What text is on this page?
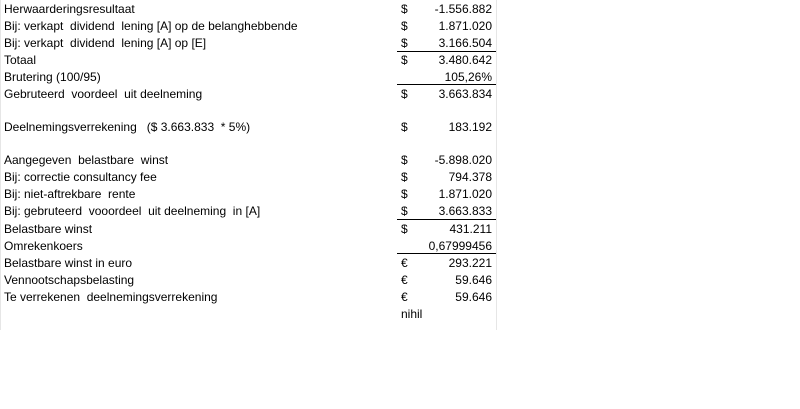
Herwaarderingsresultaat	$ -1.556.882
Bij: verkapt  dividend  lening [A] op de belanghebbende	$	1.871.020
Bij: verkapt  dividend  lening [A] op [E]	$	3.166.504
Totaal	$	3.480.642
Brutering (100/95)	105,26%
Gebruteerd  voordeel  uit deelneming	$	3.663.834
Deelnemingsverrekening   ($ 3.663.833  * 5%)	$	183.192
Aangegeven  belastbare  winst	$ -5.898.020
Bij: correctie consultancy fee	$	794.378
Bij: niet-aftrekbare  rente	$	1.871.020
Bij: gebruteerd  vooordeel  uit deelneming  in [A]	$	3.663.833
Belastbare winst	$	431.211
Omrekenkoers	0,67999456
Belastbare winst in euro	€	293.221
Vennootschapsbelasting	€	59.646
Te verrekenen  deelnemingsverrekening	€	59.646
nihil
